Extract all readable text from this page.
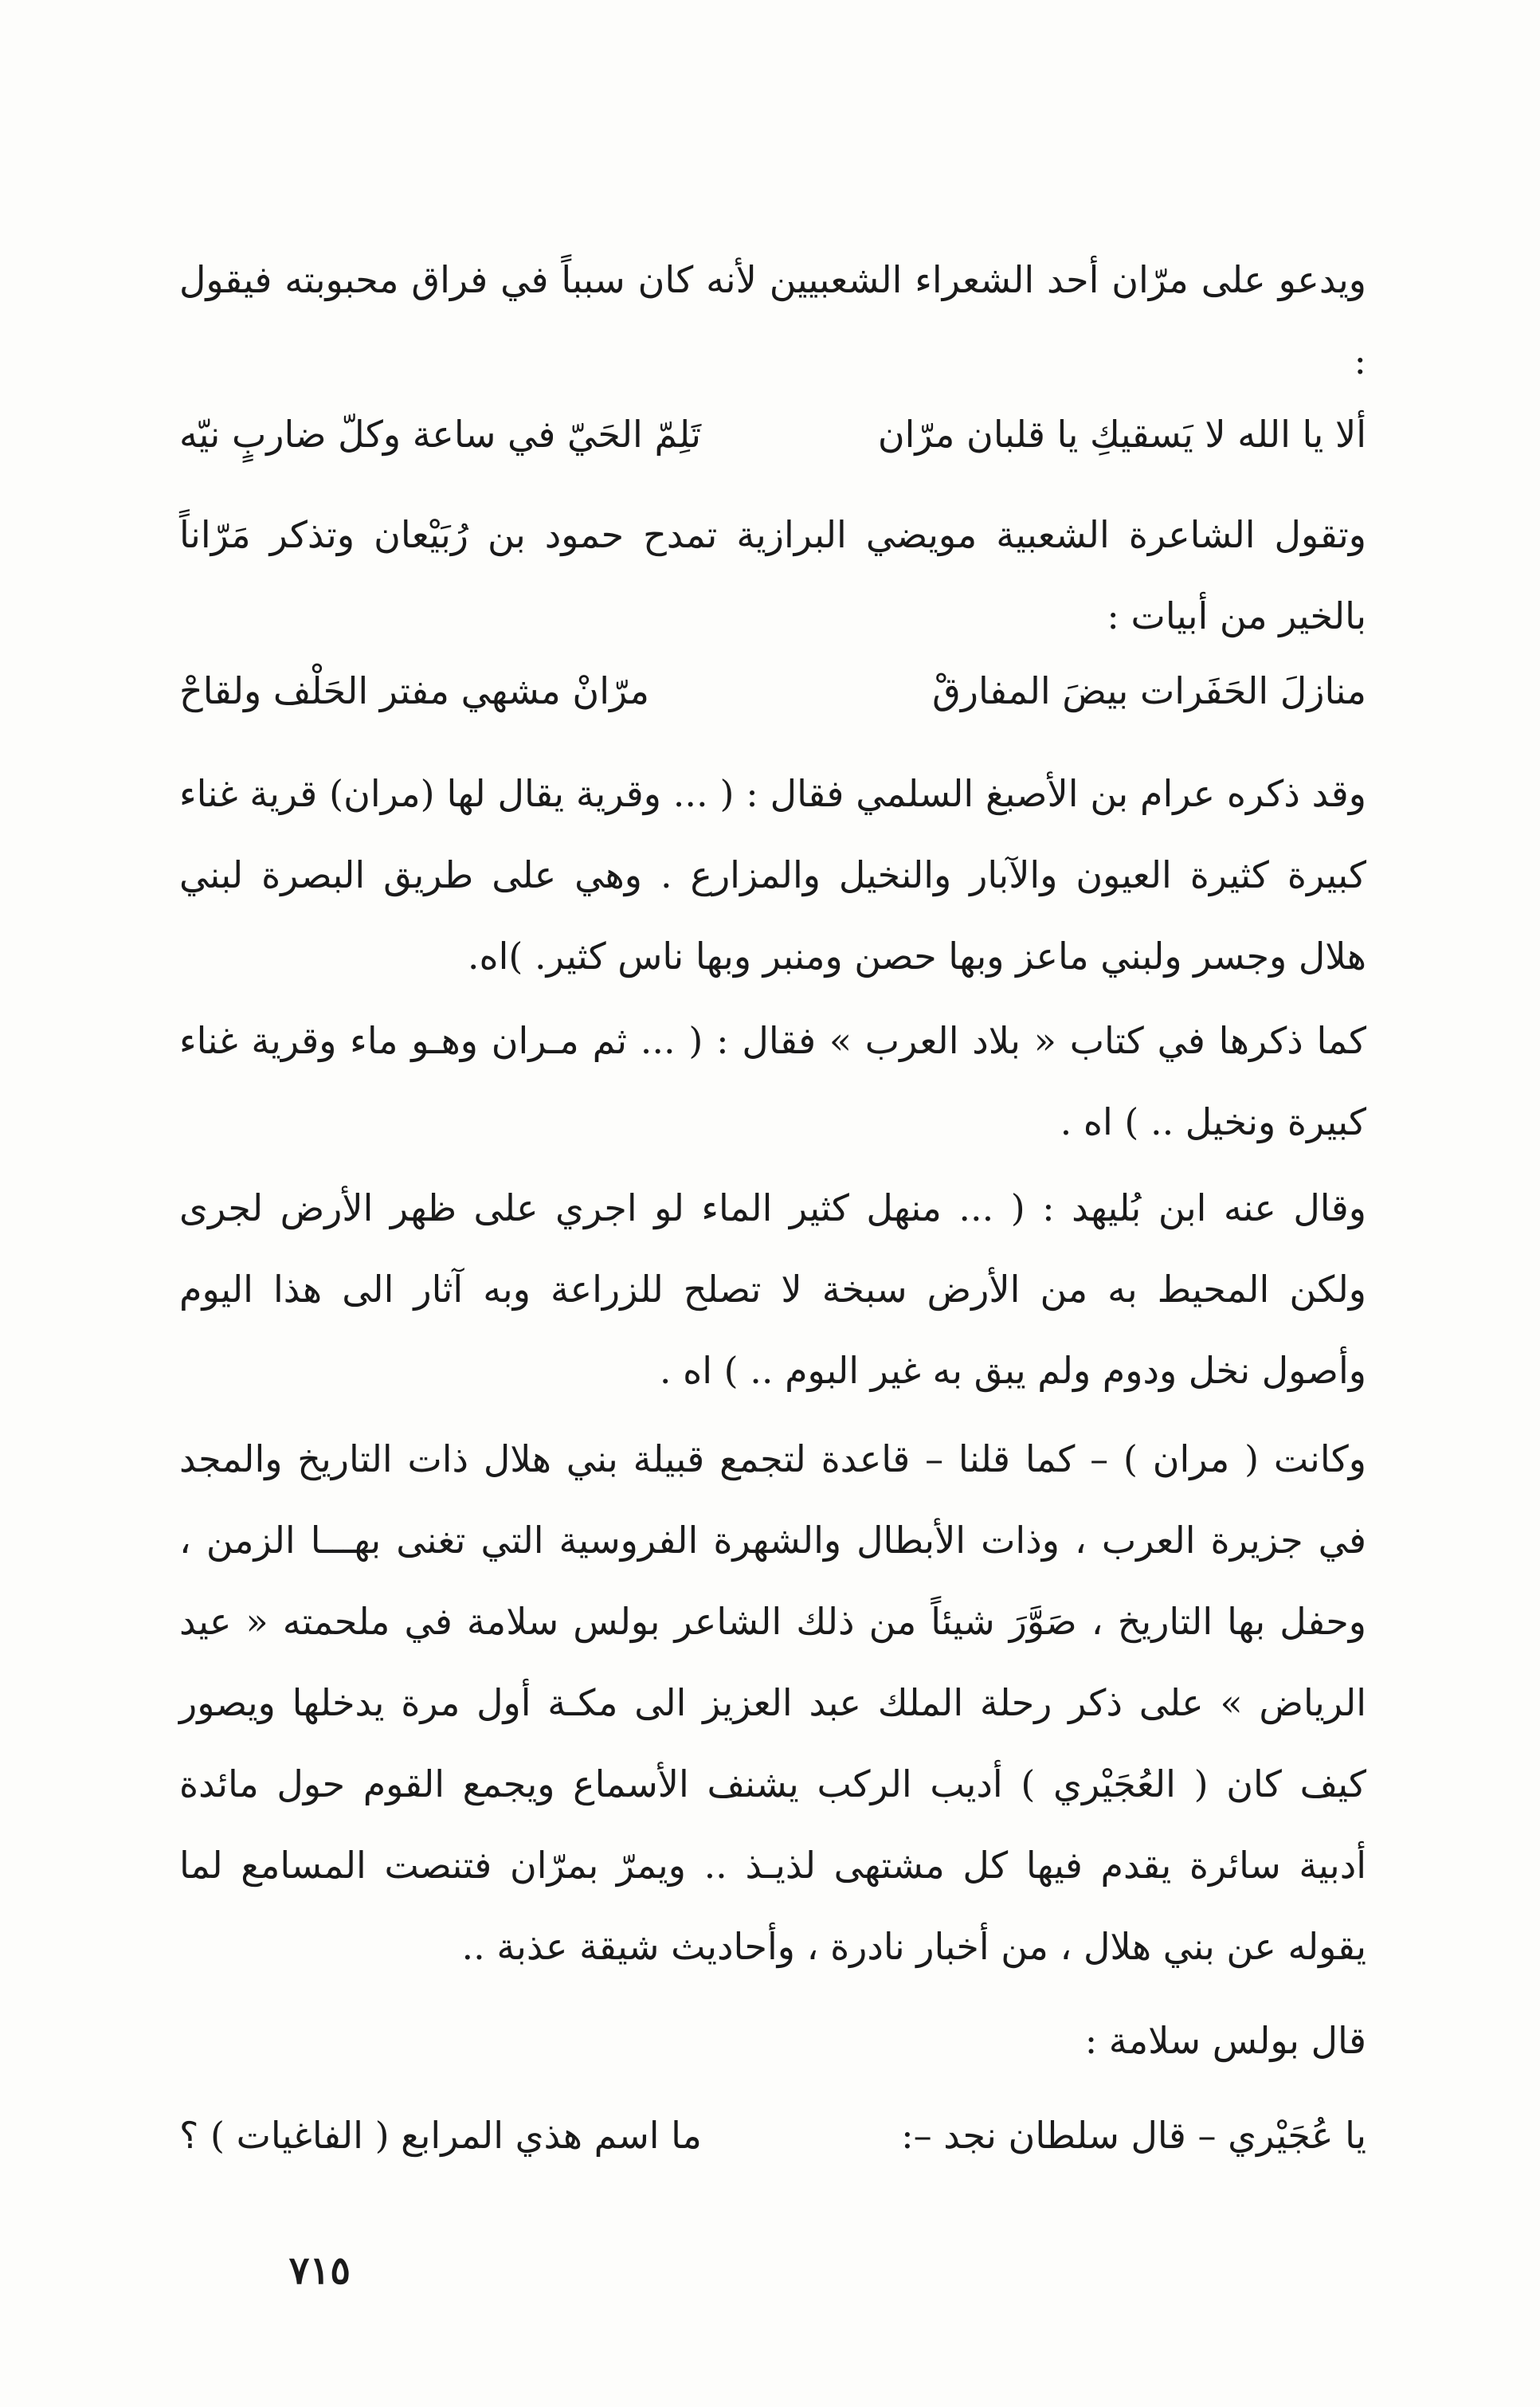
ويدعو على مرّان أحد الشعراء الشعبيين لأنه كان سبباً في فراق محبوبته فيقول :

ألا يا الله لا يَسقيكِ يا قلبان مرّان
تَلِمّ الحَيّ في ساعة وكلّ ضاربٍ نيّه

وتقول الشاعرة الشعبية مويضي البرازية تمدح حمود بن رُبَيْعان وتذكر مَرّاناً بالخير من أبيات :

منازلَ الحَفَرات بيضَ المفارقْ
مرّانْ مشهي مفتر الحَلْف ولقاحْ

وقد ذكره عرام بن الأصبغ السلمي فقال : ( ... وقرية يقال لها (مران) قرية غناء كبيرة كثيرة العيون والآبار والنخيل والمزارع . وهي على طريق البصرة لبني هلال وجسر ولبني ماعز وبها حصن ومنبر وبها ناس كثير. )اه.

كما ذكرها في كتاب « بلاد العرب » فقال : ( ... ثم مـران وهـو ماء وقرية غناء كبيرة ونخيل .. ) اه .

وقال عنه ابن بُليهد : ( ... منهل كثير الماء لو اجري على ظهر الأرض لجرى ولكن المحيط به من الأرض سبخة لا تصلح للزراعة وبه آثار الى هذا اليوم وأصول نخل ودوم ولم يبق به غير البوم .. ) اه .

وكانت ( مران ) – كما قلنا – قاعدة لتجمع قبيلة بني هلال ذات التاريخ والمجد في جزيرة العرب ، وذات الأبطال والشهرة الفروسية التي تغنى بهـــا الزمن ، وحفل بها التاريخ ، صَوَّرَ شيئاً من ذلك الشاعر بولس سلامة في ملحمته « عيد الرياض » على ذكر رحلة الملك عبد العزيز الى مكـة أول مرة يدخلها ويصور كيف كان ( العُجَيْري ) أديب الركب يشنف الأسماع ويجمع القوم حول مائدة أدبية سائرة يقدم فيها كل مشتهى لذيـذ .. ويمرّ بمرّان فتنصت المسامع لما يقوله عن بني هلال ، من أخبار نادرة ، وأحاديث شيقة عذبة ..

قال بولس سلامة :

يا عُجَيْري – قال سلطان نجد –:
ما اسم هذي المرابع ( الفاغيات ) ؟
٧١٥
